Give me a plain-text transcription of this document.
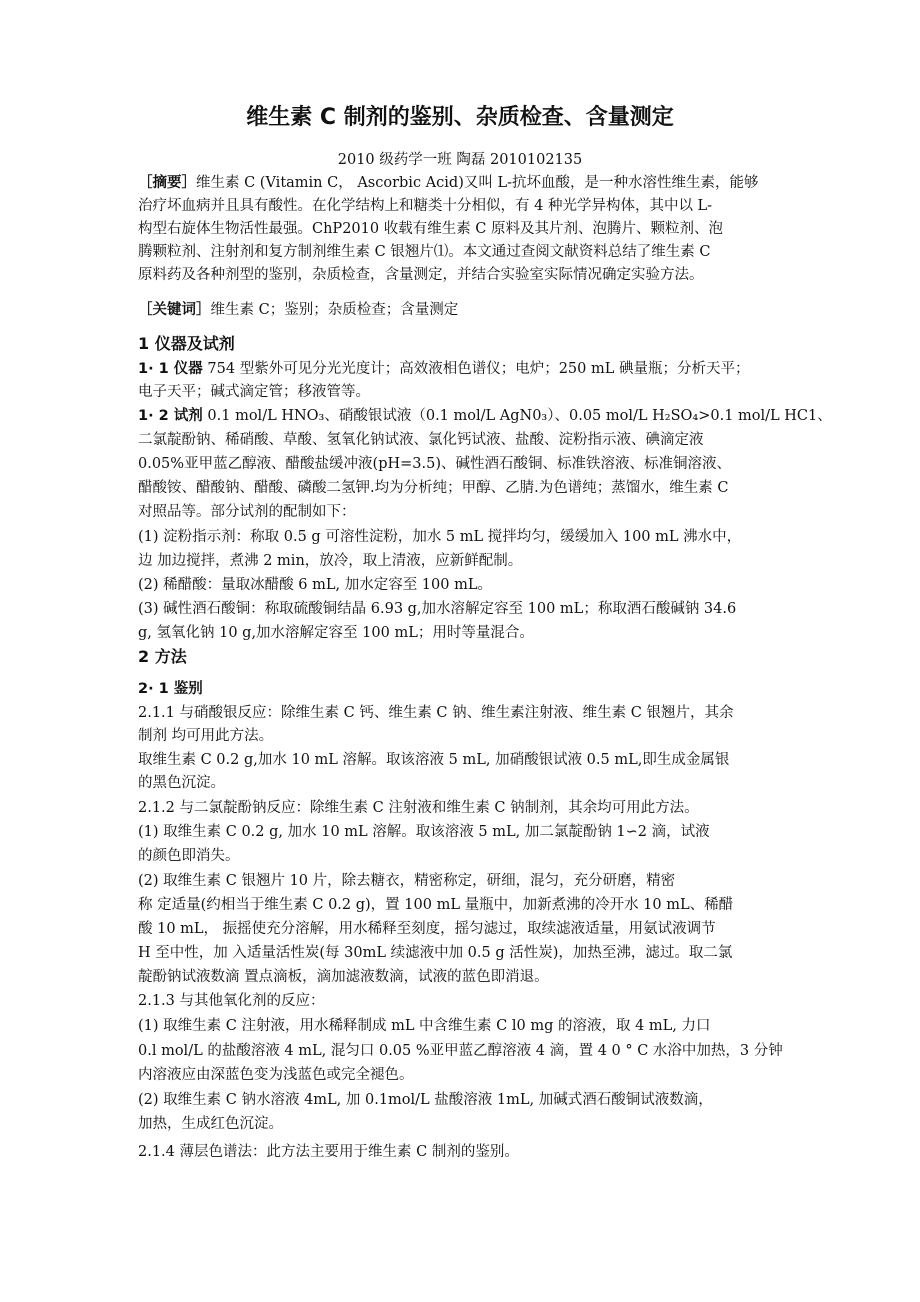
维生素 C 制剂的鉴别、杂质检查、含量测定
2010 级药学一班 陶磊 2010102135
［摘要］维生素 C (Vitamin C， Ascorbic Acid)又叫 L-抗坏血酸，是一种水溶性维生素，能够
治疗坏血病并且具有酸性。在化学结构上和糖类十分相似，有 4 种光学异构体，其中以 L-
构型右旋体生物活性最强。ChP2010 收载有维生素 C 原料及其片剂、泡腾片、颗粒剂、泡
腾颗粒剂、注射剂和复方制剂维生素 C 银翘片⑴。本文通过查阅文献资料总结了维生素 C
原料药及各种剂型的鉴别，杂质检查，含量测定，并结合实验室实际情况确定实验方法。
［关键词］维生素 C；鉴别；杂质检查；含量测定
1 仪器及试剂
1· 1 仪器 754 型紫外可见分光光度计；高效液相色谱仪；电炉；250 mL 碘量瓶；分析天平；
电子天平；碱式滴定管；移液管等。
1· 2 试剂 0.1 mol/L HNO₃、硝酸银试液（0.1 mol/L AgN0₃）、0.05 mol/L H₂SO₄>0.1 mol/L HC1、
二氯靛酚钠、稀硝酸、草酸、氢氧化钠试液、氯化钙试液、盐酸、淀粉指示液、碘滴定液
0.05%亚甲蓝乙醇液、醋酸盐缓冲液(pH=3.5)、碱性酒石酸铜、标准铁溶液、标准铜溶液、
醋酸铵、醋酸钠、醋酸、磷酸二氢钾.均为分析纯；甲醇、乙腈.为色谱纯；蒸馏水，维生素 C
对照品等。部分试剂的配制如下：
(1) 淀粉指示剂：称取 0.5 g 可溶性淀粉，加水 5 mL 搅拌均匀，缓缓加入 100 mL 沸水中，
边 加边搅拌，煮沸 2 min，放冷，取上清液，应新鲜配制。
(2) 稀醋酸：量取冰醋酸 6 mL, 加水定容至 100 mL。
(3) 碱性酒石酸铜：称取硫酸铜结晶 6.93 g,加水溶解定容至 100 mL；称取酒石酸碱钠 34.6
g, 氢氧化钠 10 g,加水溶解定容至 100 mL；用时等量混合。
2 方法
2· 1 鉴别
2.1.1 与硝酸银反应：除维生素 C 钙、维生素 C 钠、维生素注射液、维生素 C 银翘片，其余
制剂 均可用此方法。
取维生素 C 0.2 g,加水 10 mL 溶解。取该溶液 5 mL, 加硝酸银试液 0.5 mL,即生成金属银
的黑色沉淀。
2.1.2 与二氯靛酚钠反应：除维生素 C 注射液和维生素 C 钠制剂，其余均可用此方法。
(1) 取维生素 C 0.2 g, 加水 10 mL 溶解。取该溶液 5 mL, 加二氯靛酚钠 1∽2 滴，试液
的颜色即消失。
(2) 取维生素 C 银翘片 10 片，除去糖衣，精密称定，研细，混匀，充分研磨，精密
称 定适量(约相当于维生素 C 0.2 g)，置 100 mL 量瓶中，加新煮沸的冷开水 10 mL、稀醋
酸 10 mL， 振摇使充分溶解，用水稀释至刻度，摇匀滤过，取续滤液适量，用氨试液调节
H 至中性，加 入适量活性炭(每 30mL 续滤液中加 0.5 g 活性炭)，加热至沸，滤过。取二氯
靛酚钠试液数滴 置点滴板，滴加滤液数滴，试液的蓝色即消退。
2.1.3 与其他氧化剂的反应：
(1) 取维生素 C 注射液，用水稀释制成 mL 中含维生素 C l0 mg 的溶液，取 4 mL, 力口
0.l mol/L 的盐酸溶液 4 mL, 混匀口 0.05 %亚甲蓝乙醇溶液 4 滴，置 4 0 ° C 水浴中加热，3 分钟
内溶液应由深蓝色变为浅蓝色或完全褪色。
(2) 取维生素 C 钠水溶液 4mL, 加 0.1mol/L 盐酸溶液 1mL, 加碱式酒石酸铜试液数滴，
加热，生成红色沉淀。
2.1.4 薄层色谱法：此方法主要用于维生素 C 制剂的鉴别。
